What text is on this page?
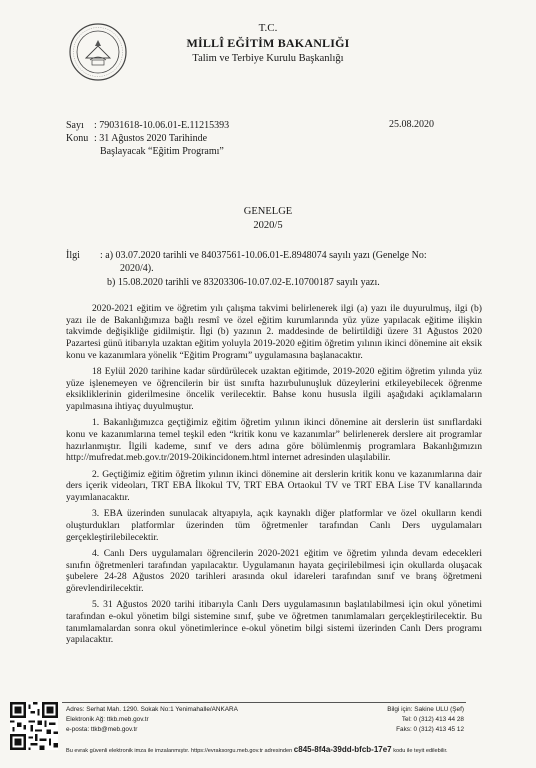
T.C.
MİLLÎ EĞİTİM BAKANLIĞI
Talim ve Terbiye Kurulu Başkanlığı
Sayı : 79031618-10.06.01-E.11215393
Konu : 31 Ağustos 2020 Tarihinde
Başlayacak “Eğitim Programı”
25.08.2020
GENELGE
2020/5
İlgi : a) 03.07.2020 tarihli ve 84037561-10.06.01-E.8948074 sayılı yazı (Genelge No:
2020/4).
b) 15.08.2020 tarihli ve 83203306-10.07.02-E.10700187 sayılı yazı.

2020-2021 eğitim ve öğretim yılı çalışma takvimi belirlenerek ilgi (a) yazı ile duyurulmuş, ilgi (b) yazı ile de Bakanlığımıza bağlı resmî ve özel eğitim kurumlarında yüz yüze yapılacak eğitime ilişkin takvimde değişikliğe gidilmiştir. İlgi (b) yazının 2. maddesinde de belirtildiği üzere 31 Ağustos 2020 Pazartesi günü itibarıyla uzaktan eğitim yoluyla 2019-2020 eğitim öğretim yılının ikinci dönemine ait eksik konu ve kazanımlara yönelik “Eğitim Programı” uygulamasına başlanacaktır.

18 Eylül 2020 tarihine kadar sürdürülecek uzaktan eğitimde, 2019-2020 eğitim öğretim yılında yüz yüze işlenemeyen ve öğrencilerin bir üst sınıfta hazırbulunuşluk düzeylerini etkileyebilecek öğrenme eksikliklerinin giderilmesine öncelik verilecektir. Bahse konu hususla ilgili aşağıdaki açıklamaların yapılmasına ihtiyaç duyulmuştur.

1. Bakanlığımızca geçtiğimiz eğitim öğretim yılının ikinci dönemine ait derslerin üst sınıflardaki konu ve kazanımlarına temel teşkil eden “kritik konu ve kazanımlar” belirlenerek derslere ait programlar hazırlanmıştır. İlgili kademe, sınıf ve ders adına göre bölümlenmiş programlara Bakanlığımızın http://mufredat.meb.gov.tr/2019-20ikincidonem.html internet adresinden ulaşılabilir.

2. Geçtiğimiz eğitim öğretim yılının ikinci dönemine ait derslerin kritik konu ve kazanımlarına dair ders içerik videoları, TRT EBA İlkokul TV, TRT EBA Ortaokul TV ve TRT EBA Lise TV kanallarında yayımlanacaktır.

3. EBA üzerinden sunulacak altyapıyla, açık kaynaklı diğer platformlar ve özel okulların kendi oluşturdukları platformlar üzerinden tüm öğretmenler tarafından Canlı Ders uygulamaları gerçekleştirilebilecektir.

4. Canlı Ders uygulamaları öğrencilerin 2020-2021 eğitim ve öğretim yılında devam edecekleri sınıfın öğretmenleri tarafından yapılacaktır. Uygulamanın hayata geçirilebilmesi için okullarda oluşacak şubelere 24-28 Ağustos 2020 tarihleri arasında okul idareleri tarafından sınıf ve branş öğretmeni görevlendirilecektir.

5. 31 Ağustos 2020 tarihi itibarıyla Canlı Ders uygulamasının başlatılabilmesi için okul yönetimi tarafından e-okul yönetim bilgi sistemine sınıf, şube ve öğretmen tanımlamaları gerçekleştirilecektir. Bu tanımlamalardan sonra okul yönetimlerince e-okul yönetim bilgi sistemi üzerinden Canlı Ders programı yapılacaktır.

Adres: Serhat Mah. 1290. Sokak No:1 Yenimahalle/ANKARA
Elektronik Ağ: ttkb.meb.gov.tr
e-posta: ttkb@meb.gov.tr
Bilgi için: Sakine ULU (Şef)
Tel: 0 (312) 413 44 28
Faks: 0 (312) 413 45 12
Bu evrak güvenli elektronik imza ile imzalanmıştır. https://evraksorgu.meb.gov.tr adresinden c845-8f4a-39dd-bfcb-17e7 kodu ile teyit edilebilir.
